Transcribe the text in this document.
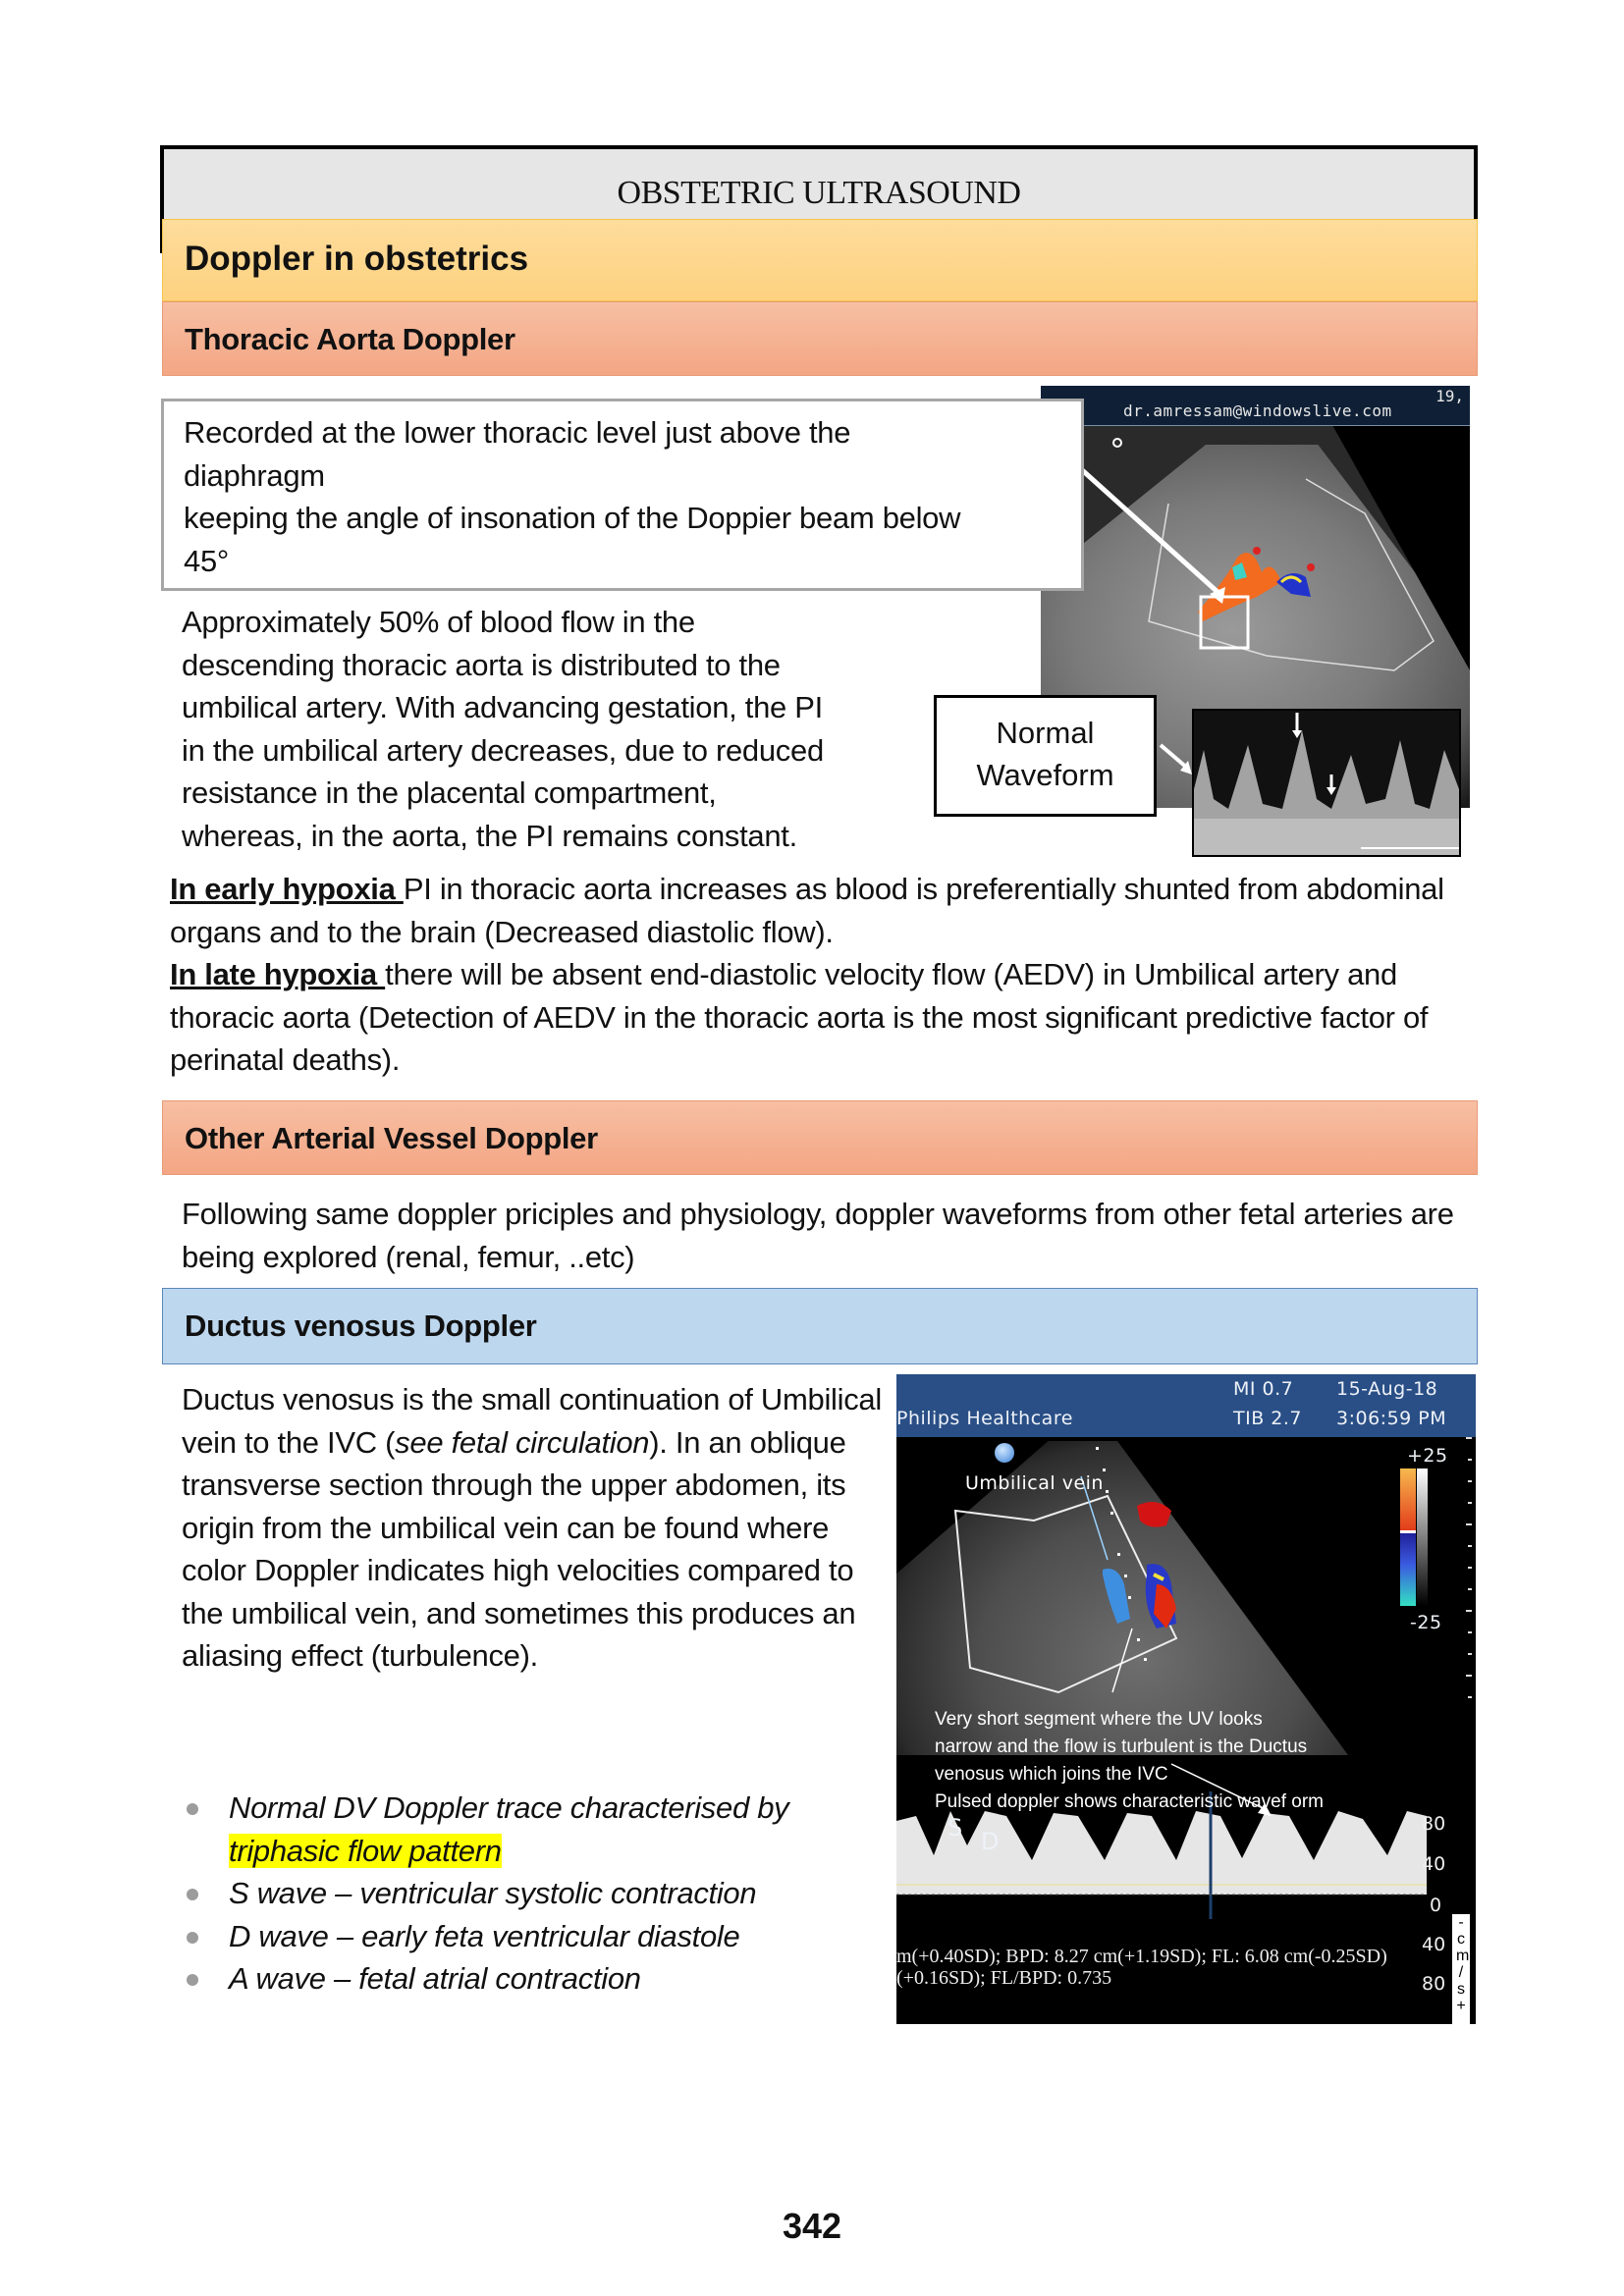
OBSTETRIC ULTRASOUND
Doppler in obstetrics
Thoracic Aorta Doppler
dr.amressam@windowslive.com
19,
Recorded at the lower thoracic level just above the
diaphragm
keeping the angle of insonation of the Doppier beam below
45°
Approximately 50% of blood flow in the
descending thoracic aorta is distributed to the
umbilical artery. With advancing gestation, the PI
in the umbilical artery decreases, due to reduced
resistance in the placental compartment,
whereas, in the aorta, the PI remains constant.
Normal
Waveform
In early hypoxia PI in thoracic aorta increases as blood is preferentially shunted from abdominal organs and to the brain (Decreased diastolic flow).
In late hypoxia there will be absent end-diastolic velocity flow (AEDV) in Umbilical artery and thoracic aorta (Detection of AEDV in the thoracic aorta is the most significant predictive factor of perinatal deaths).
Other Arterial Vessel Doppler
Following same doppler priciples and physiology, doppler waveforms from other fetal arteries are being explored (renal, femur, ..etc)
Ductus venosus Doppler
Ductus venosus is the small continuation of Umbilical vein to the IVC (see fetal circulation). In an oblique transverse section through the upper abdomen, its origin from the umbilical vein can be found where color Doppler indicates high velocities compared to the umbilical vein, and sometimes this produces an aliasing effect (turbulence).
Normal DV Doppler trace characterised by triphasic flow pattern
S wave – ventricular systolic contraction
D wave – early feta ventricular diastole
A wave – fetal atrial contraction
Philips Healthcare
MI 0.7
TIB 2.7
15-Aug-18
3:06:59 PM
Umbilical vein
+25
-25
Very short segment where the UV looks
narrow and the flow is turbulent is the Ductus
venosus which joins the IVC
Pulsed doppler shows characteristic wavef orm
S D
80
40
0
40
80
- c m / s +
m(+0.40SD); BPD: 8.27 cm(+1.19SD); FL: 6.08 cm(-0.25SD)
(+0.16SD); FL/BPD: 0.735
342
